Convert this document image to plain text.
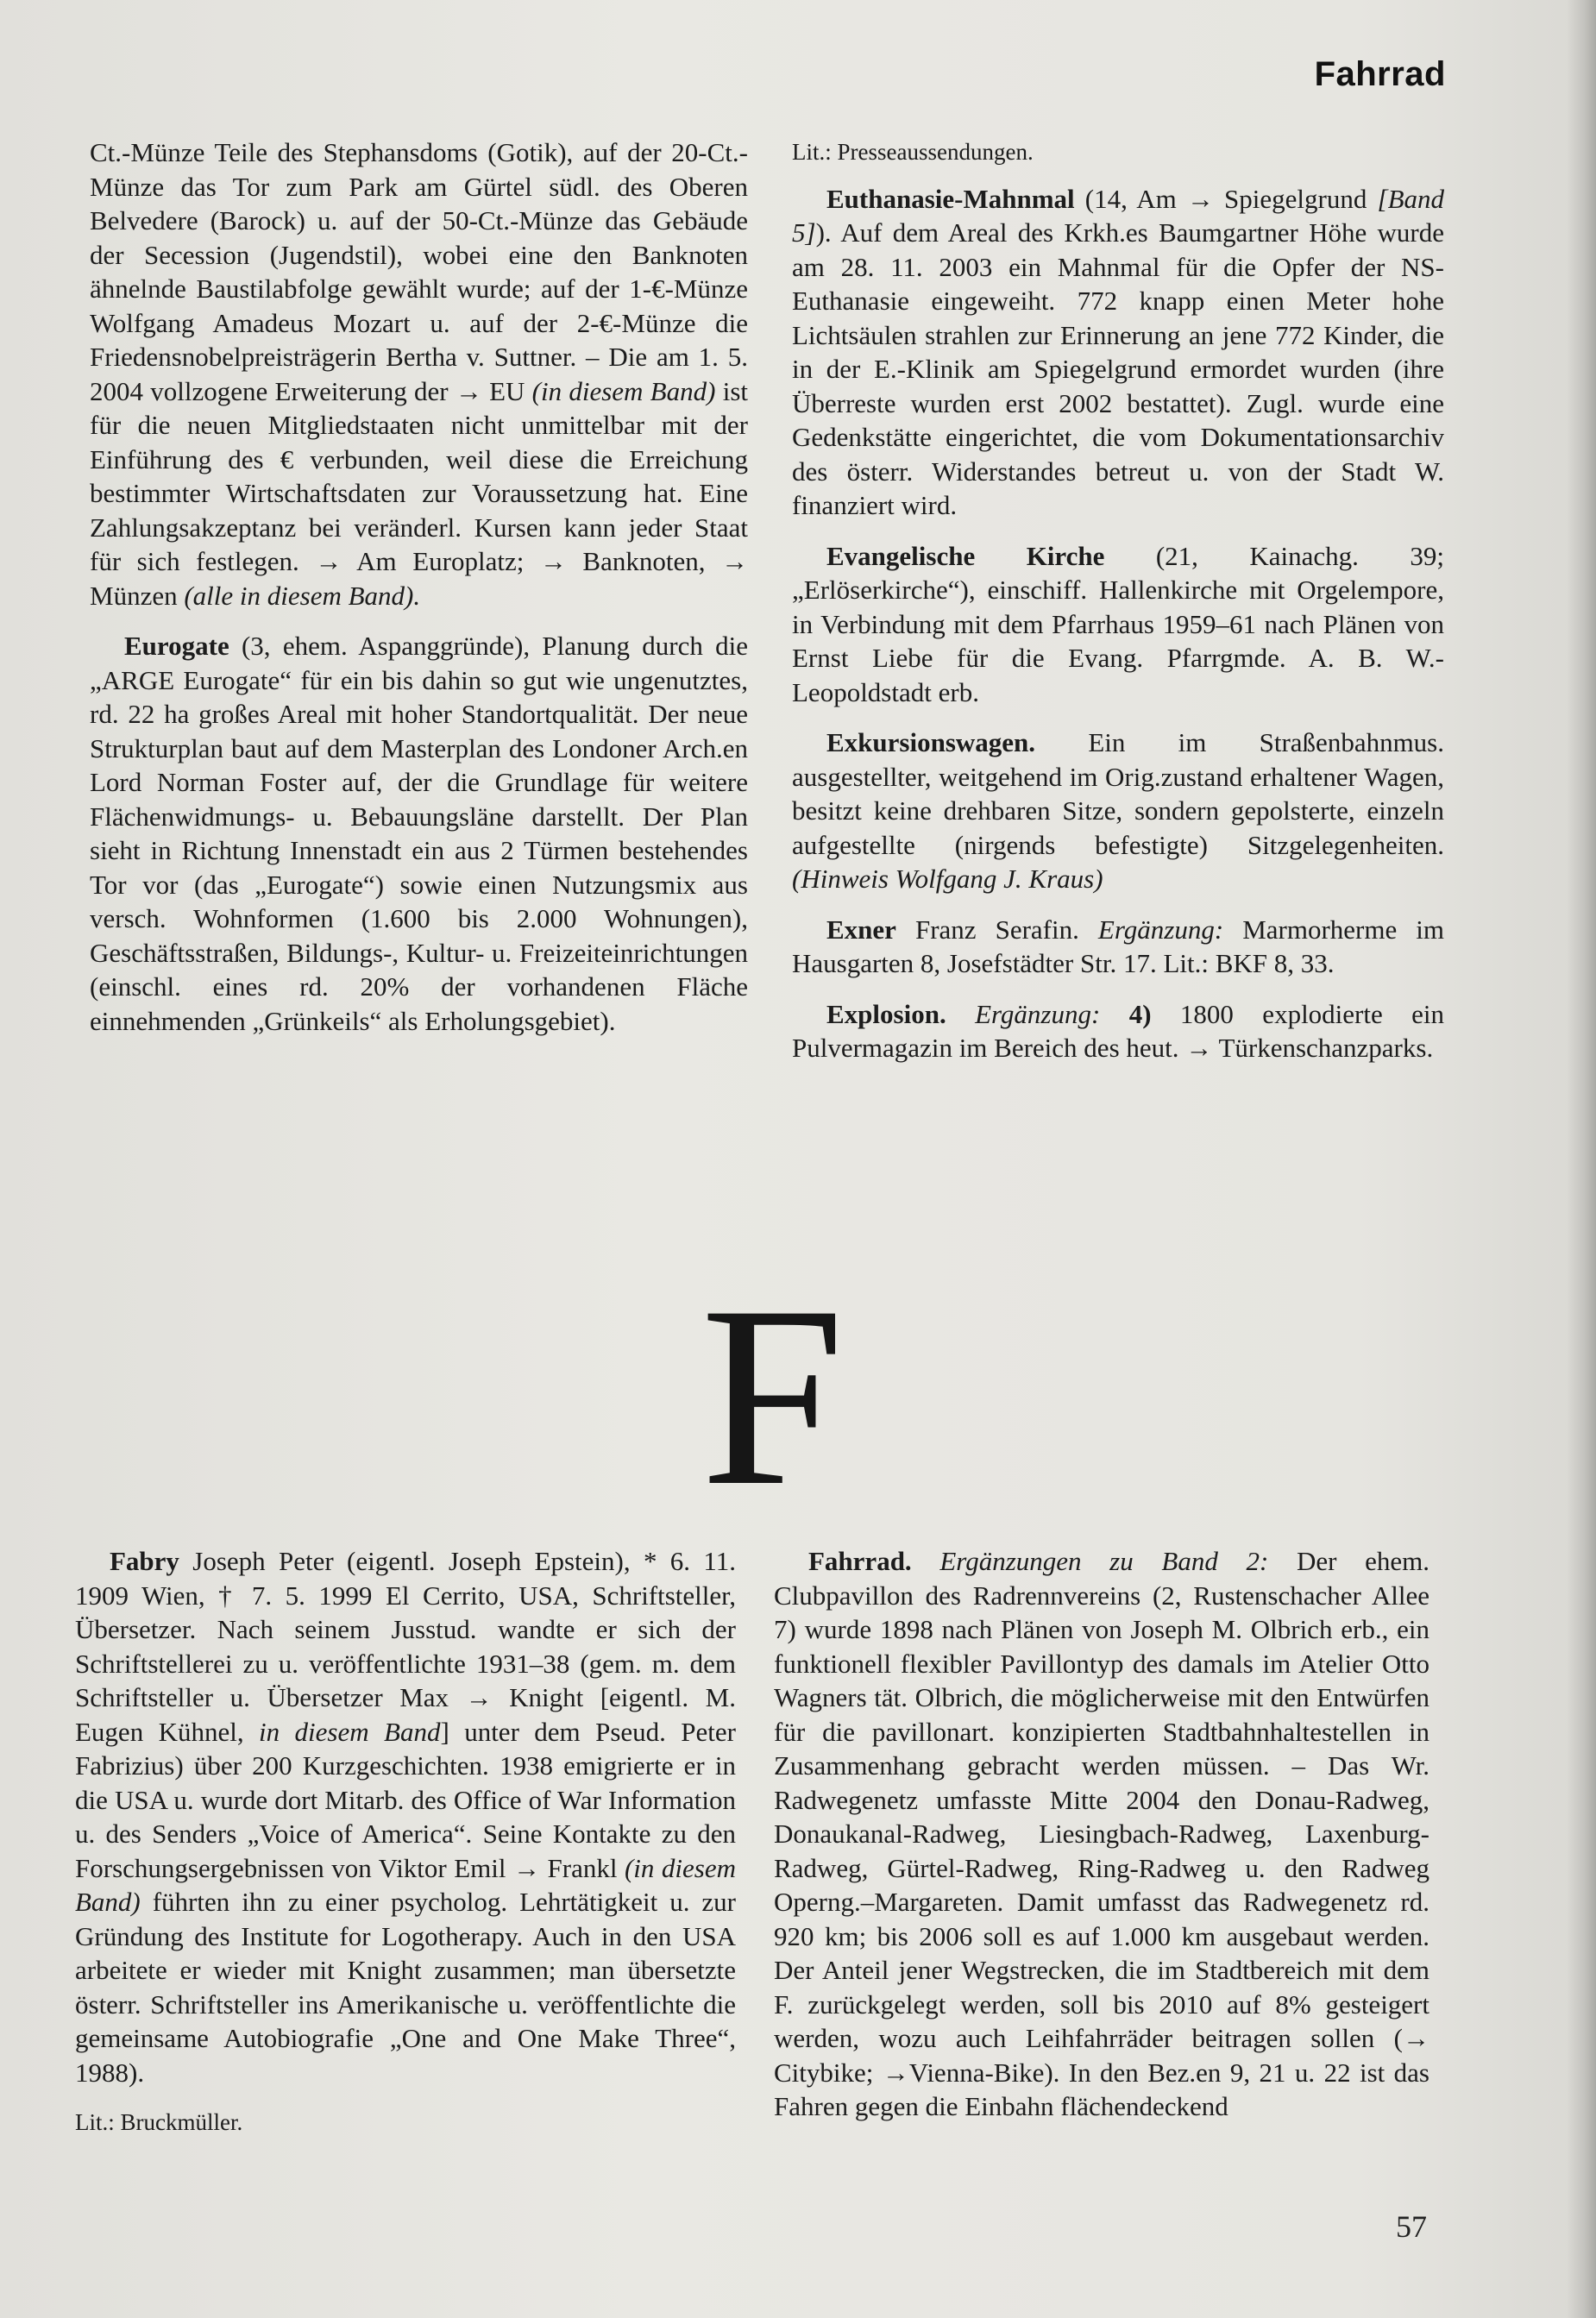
Fahrrad

Ct.-Münze Teile des Stephansdoms (Gotik), auf der 20-Ct.-Münze das Tor zum Park am Gürtel südl. des Oberen Belvedere (Barock) u. auf der 50-Ct.-Münze das Gebäude der Secession (Jugendstil), wobei eine den Banknoten ähnelnde Baustilabfolge gewählt wurde; auf der 1-€-Münze Wolfgang Amadeus Mozart u. auf der 2-€-Münze die Friedensnobelpreisträgerin Bertha v. Suttner. – Die am 1. 5. 2004 vollzogene Erweiterung der → EU (in diesem Band) ist für die neuen Mitgliedstaaten nicht unmittelbar mit der Einführung des € verbunden, weil diese die Erreichung bestimmter Wirtschaftsdaten zur Voraussetzung hat. Eine Zahlungsakzeptanz bei veränderl. Kursen kann jeder Staat für sich festlegen. → Am Europlatz; → Banknoten, → Münzen (alle in diesem Band).

Eurogate (3, ehem. Aspanggründe), Planung durch die „ARGE Eurogate“ für ein bis dahin so gut wie ungenutztes, rd. 22 ha großes Areal mit hoher Standortqualität. Der neue Strukturplan baut auf dem Masterplan des Londoner Arch.en Lord Norman Foster auf, der die Grundlage für weitere Flächenwidmungs- u. Bebauungsläne darstellt. Der Plan sieht in Richtung Innenstadt ein aus 2 Türmen bestehendes Tor vor (das „Eurogate“) sowie einen Nutzungsmix aus versch. Wohnformen (1.600 bis 2.000 Wohnungen), Geschäftsstraßen, Bildungs-, Kultur- u. Freizeiteinrichtungen (einschl. eines rd. 20% der vorhandenen Fläche einnehmenden „Grünkeils“ als Erholungsgebiet).

Lit.: Presseaussendungen.

Euthanasie-Mahnmal (14, Am → Spiegelgrund [Band 5]). Auf dem Areal des Krkh.es Baumgartner Höhe wurde am 28. 11. 2003 ein Mahnmal für die Opfer der NS-Euthanasie eingeweiht. 772 knapp einen Meter hohe Lichtsäulen strahlen zur Erinnerung an jene 772 Kinder, die in der E.-Klinik am Spiegelgrund ermordet wurden (ihre Überreste wurden erst 2002 bestattet). Zugl. wurde eine Gedenkstätte eingerichtet, die vom Dokumentationsarchiv des österr. Widerstandes betreut u. von der Stadt W. finanziert wird.

Evangelische Kirche (21, Kainachg. 39; „Erlöserkirche“), einschiff. Hallenkirche mit Orgelempore, in Verbindung mit dem Pfarrhaus 1959–61 nach Plänen von Ernst Liebe für die Evang. Pfarrgmde. A. B. W.-Leopoldstadt erb.

Exkursionswagen. Ein im Straßenbahnmus. ausgestellter, weitgehend im Orig.zustand erhaltener Wagen, besitzt keine drehbaren Sitze, sondern gepolsterte, einzeln aufgestellte (nirgends befestigte) Sitzgelegenheiten. (Hinweis Wolfgang J. Kraus)

Exner Franz Serafin. Ergänzung: Marmorherme im Hausgarten 8, Josefstädter Str. 17. Lit.: BKF 8, 33.

Explosion. Ergänzung: 4) 1800 explodierte ein Pulvermagazin im Bereich des heut. → Türkenschanzparks.

F

Fabry Joseph Peter (eigentl. Joseph Epstein), * 6. 11. 1909 Wien, † 7. 5. 1999 El Cerrito, USA, Schriftsteller, Übersetzer. Nach seinem Jusstud. wandte er sich der Schriftstellerei zu u. veröffentlichte 1931–38 (gem. m. dem Schriftsteller u. Übersetzer Max → Knight [eigentl. M. Eugen Kühnel, in diesem Band] unter dem Pseud. Peter Fabrizius) über 200 Kurzgeschichten. 1938 emigrierte er in die USA u. wurde dort Mitarb. des Office of War Information u. des Senders „Voice of America“. Seine Kontakte zu den Forschungsergebnissen von Viktor Emil → Frankl (in diesem Band) führten ihn zu einer psycholog. Lehrtätigkeit u. zur Gründung des Institute for Logotherapy. Auch in den USA arbeitete er wieder mit Knight zusammen; man übersetzte österr. Schriftsteller ins Amerikanische u. veröffentlichte die gemeinsame Autobiografie „One and One Make Three“, 1988).

Lit.: Bruckmüller.

Fahrrad. Ergänzungen zu Band 2: Der ehem. Clubpavillon des Radrennvereins (2, Rustenschacher Allee 7) wurde 1898 nach Plänen von Joseph M. Olbrich erb., ein funktionell flexibler Pavillontyp des damals im Atelier Otto Wagners tät. Olbrich, die möglicherweise mit den Entwürfen für die pavillonart. konzipierten Stadtbahnhaltestellen in Zusammenhang gebracht werden müssen. – Das Wr. Radwegenetz umfasste Mitte 2004 den Donau-Radweg, Donaukanal-Radweg, Liesingbach-Radweg, Laxenburg-Radweg, Gürtel-Radweg, Ring-Radweg u. den Radweg Operng.–Margareten. Damit umfasst das Radwegenetz rd. 920 km; bis 2006 soll es auf 1.000 km ausgebaut werden. Der Anteil jener Wegstrecken, die im Stadtbereich mit dem F. zurückgelegt werden, soll bis 2010 auf 8% gesteigert werden, wozu auch Leihfahrräder beitragen sollen (→ Citybike; →Vienna-Bike). In den Bez.en 9, 21 u. 22 ist das Fahren gegen die Einbahn flächendeckend

57
